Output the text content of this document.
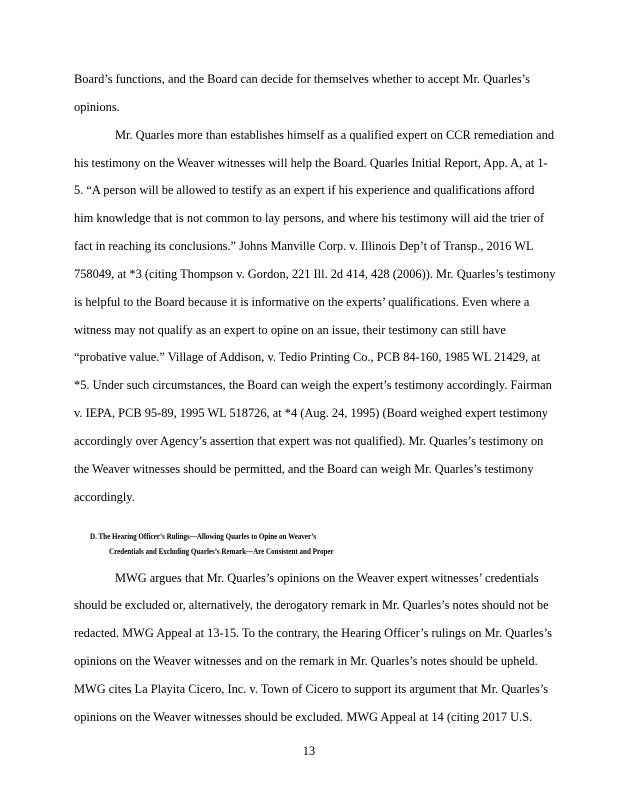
Board’s functions, and the Board can decide for themselves whether to accept Mr. Quarles’s
opinions.
Mr. Quarles more than establishes himself as a qualified expert on CCR remediation and
his testimony on the Weaver witnesses will help the Board. Quarles Initial Report, App. A, at 1-
5. “A person will be allowed to testify as an expert if his experience and qualifications afford
him knowledge that is not common to lay persons, and where his testimony will aid the trier of
fact in reaching its conclusions.” Johns Manville Corp. v. Illinois Dep’t of Transp., 2016 WL
758049, at *3 (citing Thompson v. Gordon, 221 Ill. 2d 414, 428 (2006)). Mr. Quarles’s testimony
is helpful to the Board because it is informative on the experts’ qualifications. Even where a
witness may not qualify as an expert to opine on an issue, their testimony can still have
“probative value.” Village of Addison, v. Tedio Printing Co., PCB 84-160, 1985 WL 21429, at
*5. Under such circumstances, the Board can weigh the expert’s testimony accordingly. Fairman
v. IEPA, PCB 95-89, 1995 WL 518726, at *4 (Aug. 24, 1995) (Board weighed expert testimony
accordingly over Agency’s assertion that expert was not qualified). Mr. Quarles’s testimony on
the Weaver witnesses should be permitted, and the Board can weigh Mr. Quarles’s testimony
accordingly.
D. The Hearing Officer’s Rulings—Allowing Quarles to Opine on Weaver’s
Credentials and Excluding Quarles’s Remark—Are Consistent and Proper
MWG argues that Mr. Quarles’s opinions on the Weaver expert witnesses’ credentials
should be excluded or, alternatively, the derogatory remark in Mr. Quarles’s notes should not be
redacted. MWG Appeal at 13-15. To the contrary, the Hearing Officer’s rulings on Mr. Quarles’s
opinions on the Weaver witnesses and on the remark in Mr. Quarles’s notes should be upheld.
MWG cites La Playita Cicero, Inc. v. Town of Cicero to support its argument that Mr. Quarles’s
opinions on the Weaver witnesses should be excluded. MWG Appeal at 14 (citing 2017 U.S.
13
